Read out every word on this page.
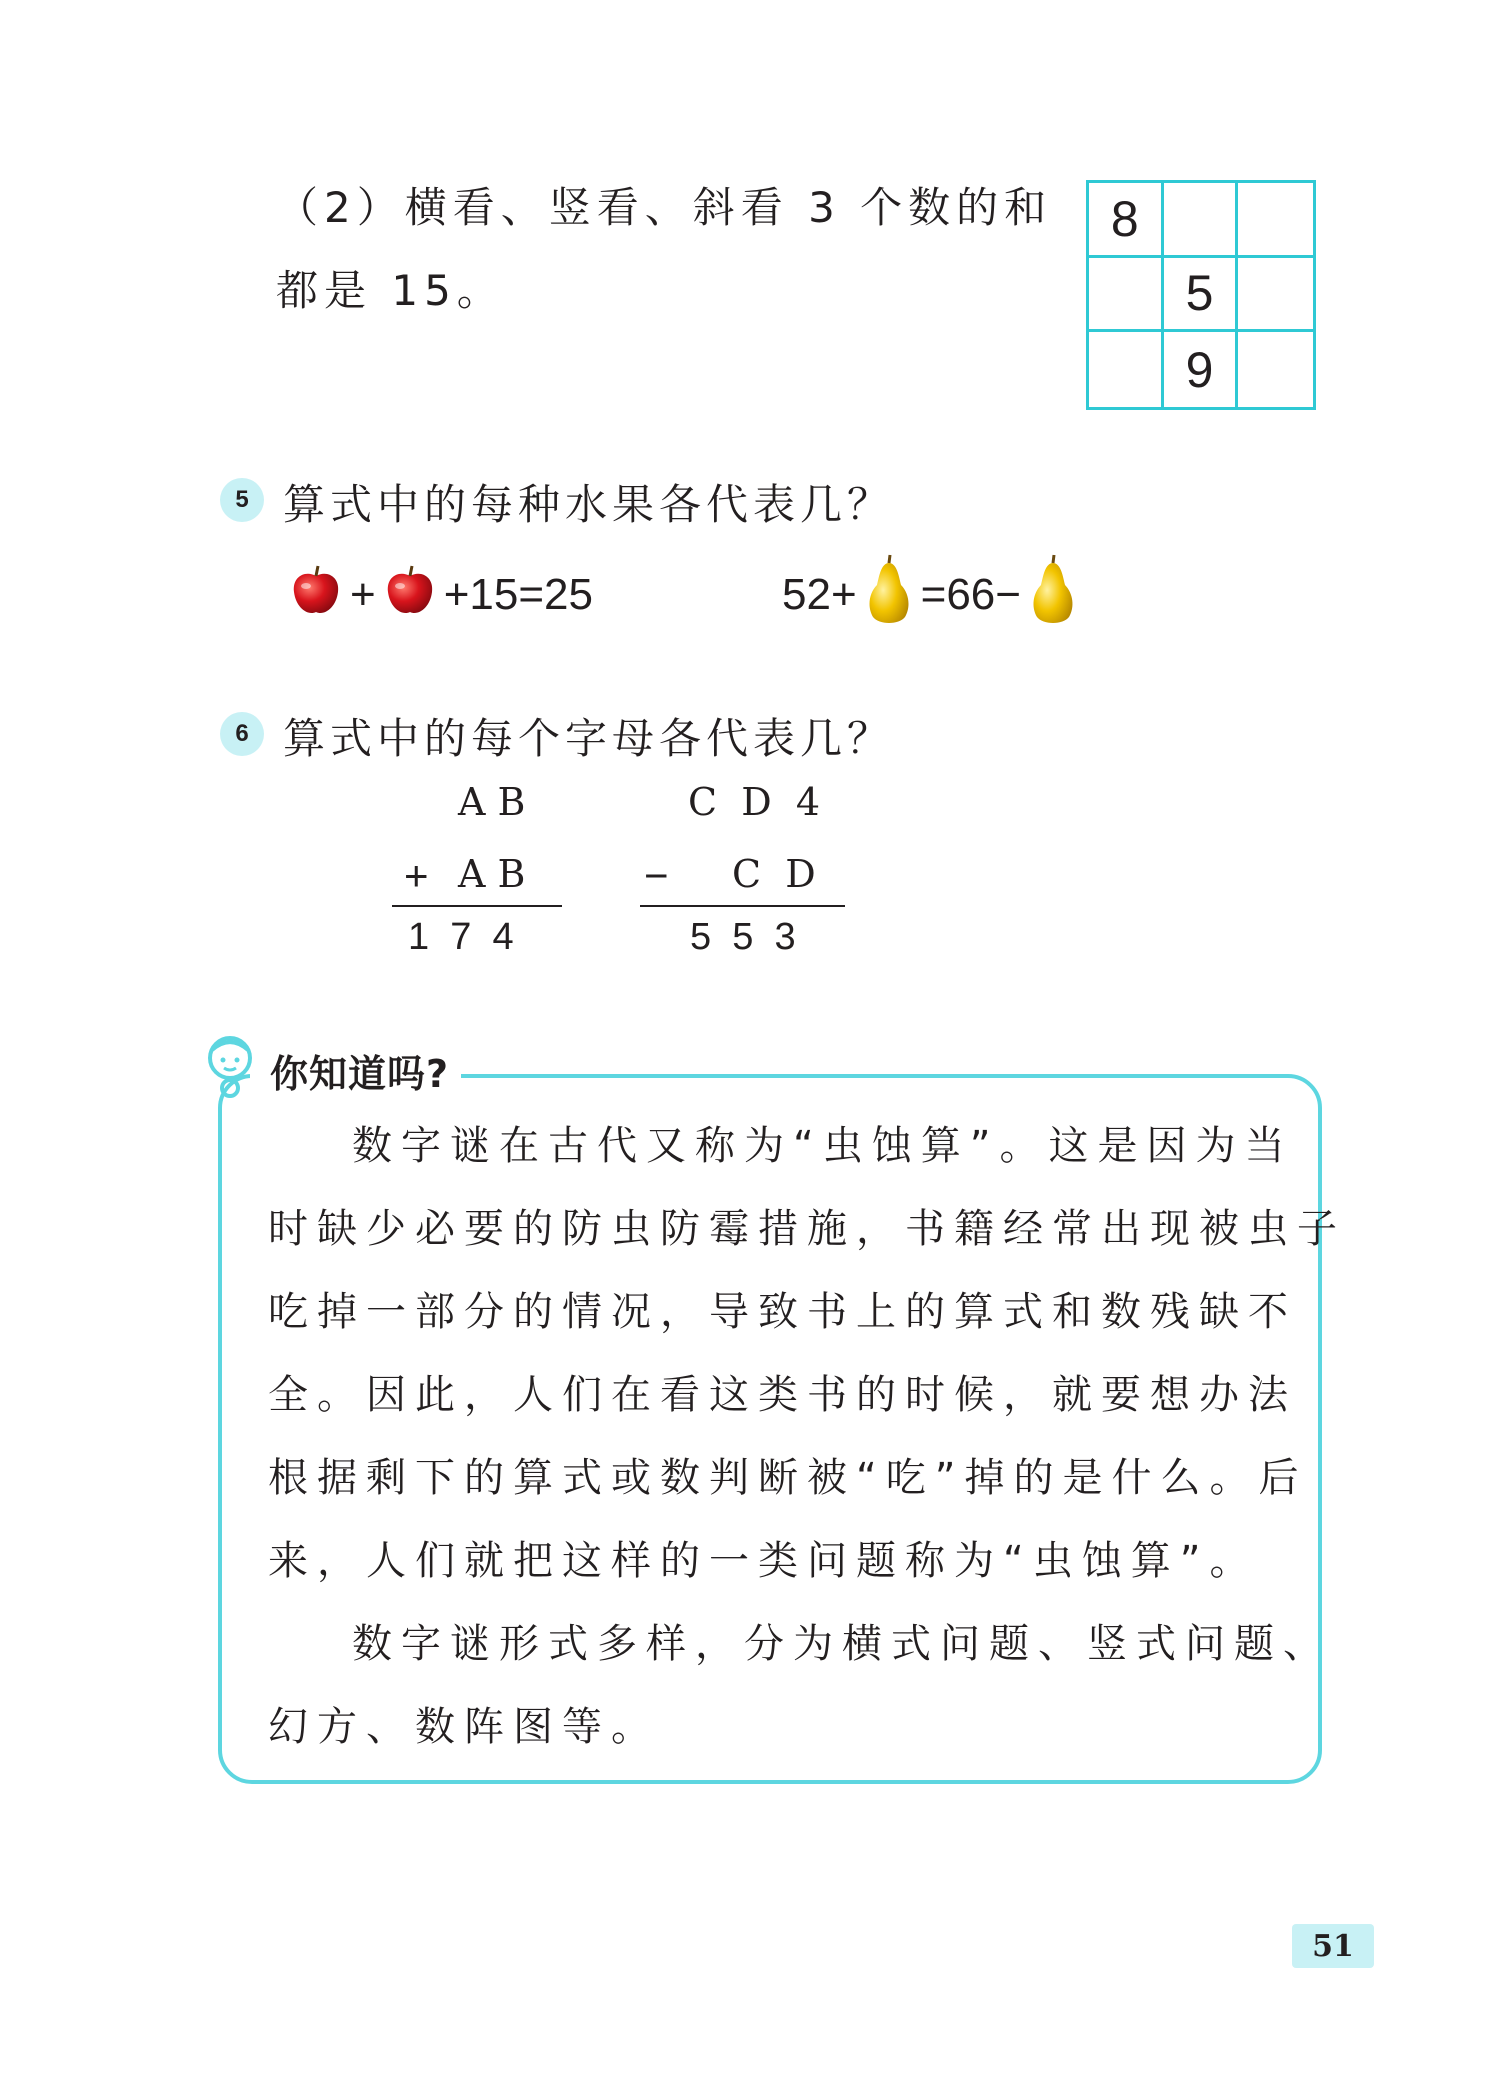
（2）横看、竖看、斜看 3 个数的和
都是 15。
8
5
9
5 算式中的每种水果各代表几？
+ +15=25	52+ =66−
6 算式中的每个字母各代表几？
A B
+ A B
1  7  4
C  D  4
− C  D
5  5  3
你知道吗?
数字谜在古代又称为“虫蚀算”。这是因为当
时缺少必要的防虫防霉措施，书籍经常出现被虫子
吃掉一部分的情况，导致书上的算式和数残缺不
全。因此，人们在看这类书的时候，就要想办法
根据剩下的算式或数判断被“吃”掉的是什么。后
来，人们就把这样的一类问题称为“虫蚀算”。
数字谜形式多样，分为横式问题、竖式问题、
幻方、数阵图等。
51
